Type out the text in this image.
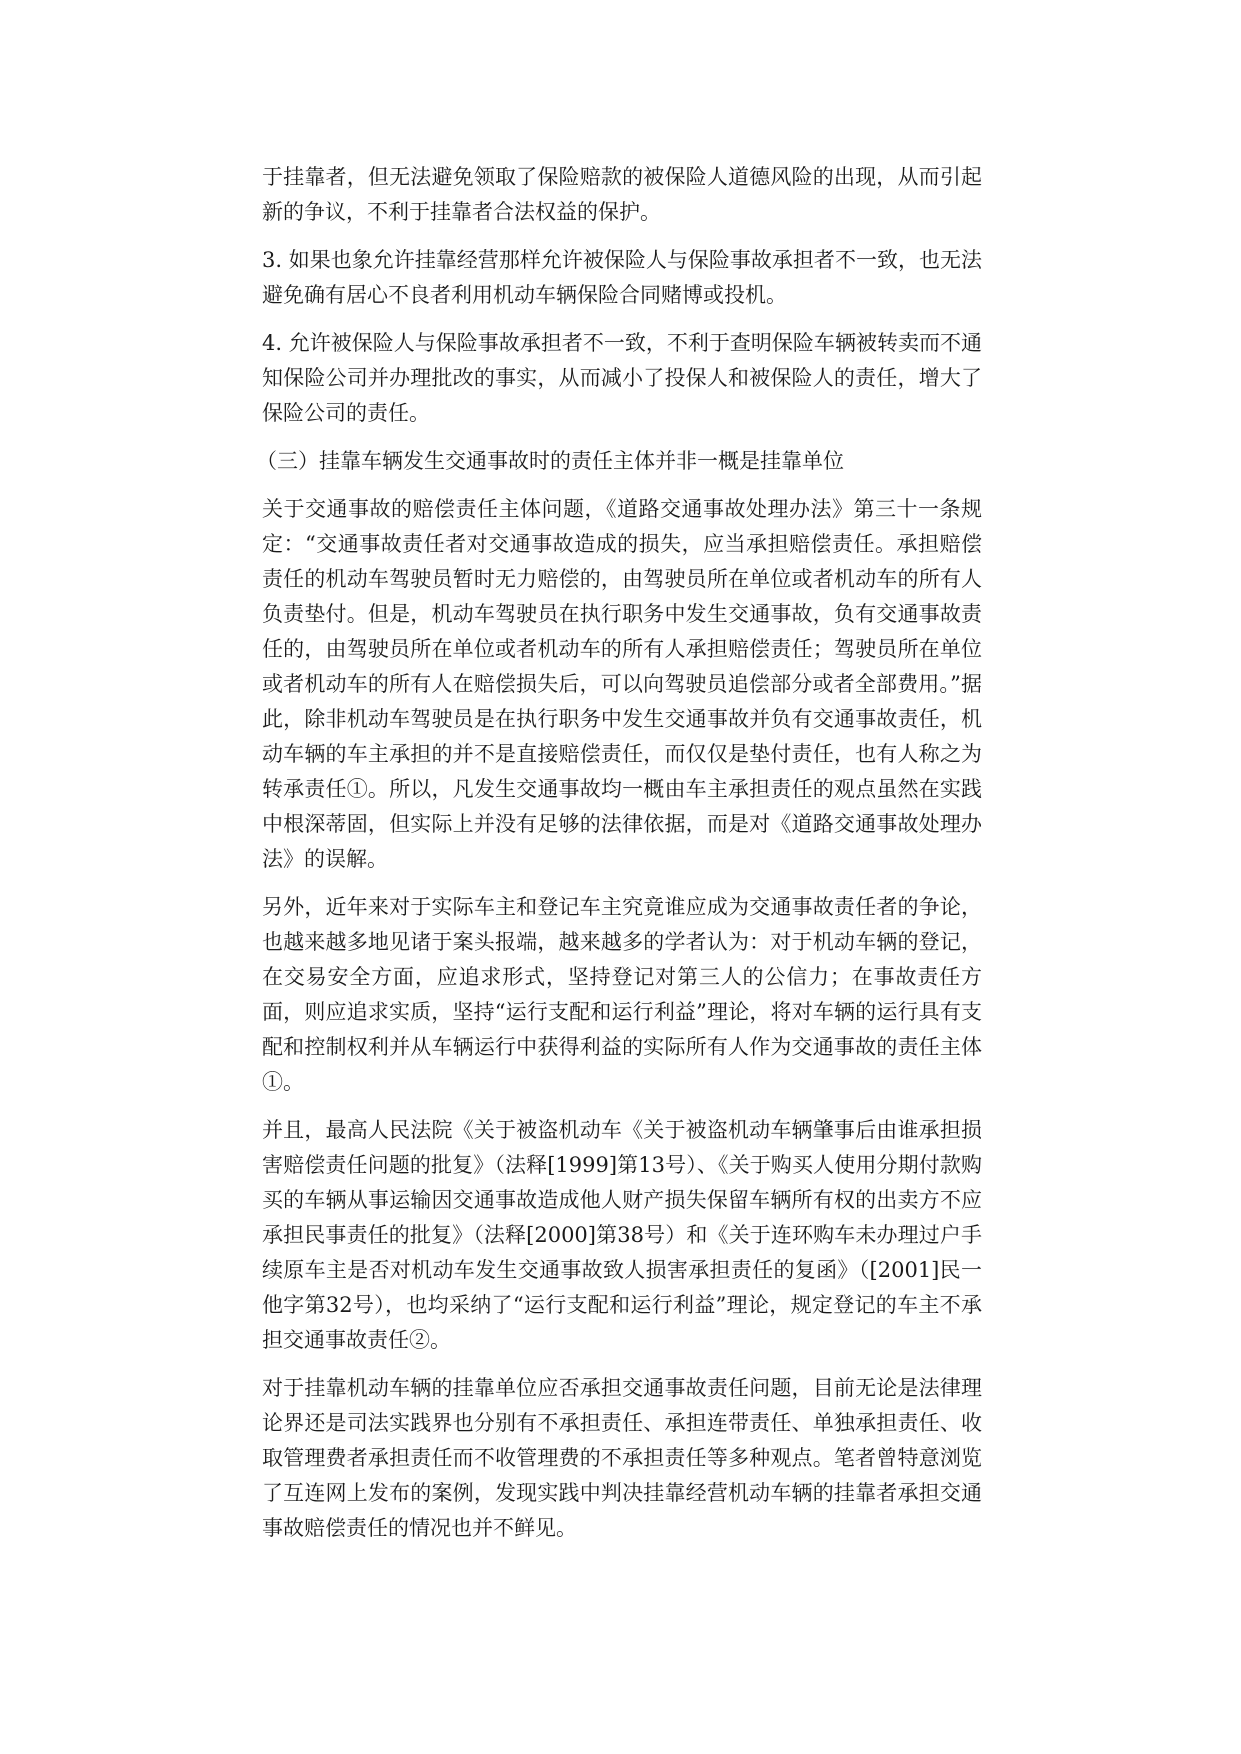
于挂靠者，但无法避免领取了保险赔款的被保险人道德风险的出现，从而引起新的争议，不利于挂靠者合法权益的保护。

3. 如果也象允许挂靠经营那样允许被保险人与保险事故承担者不一致，也无法避免确有居心不良者利用机动车辆保险合同赌博或投机。

4. 允许被保险人与保险事故承担者不一致，不利于查明保险车辆被转卖而不通知保险公司并办理批改的事实，从而减小了投保人和被保险人的责任，增大了保险公司的责任。

（三）挂靠车辆发生交通事故时的责任主体并非一概是挂靠单位

关于交通事故的赔偿责任主体问题，《道路交通事故处理办法》第三十一条规定：“交通事故责任者对交通事故造成的损失，应当承担赔偿责任。承担赔偿责任的机动车驾驶员暂时无力赔偿的，由驾驶员所在单位或者机动车的所有人负责垫付。但是，机动车驾驶员在执行职务中发生交通事故，负有交通事故责任的，由驾驶员所在单位或者机动车的所有人承担赔偿责任；驾驶员所在单位或者机动车的所有人在赔偿损失后，可以向驾驶员追偿部分或者全部费用。”据此，除非机动车驾驶员是在执行职务中发生交通事故并负有交通事故责任，机动车辆的车主承担的并不是直接赔偿责任，而仅仅是垫付责任，也有人称之为转承责任①。所以，凡发生交通事故均一概由车主承担责任的观点虽然在实践中根深蒂固，但实际上并没有足够的法律依据，而是对《道路交通事故处理办法》的误解。

另外，近年来对于实际车主和登记车主究竟谁应成为交通事故责任者的争论，也越来越多地见诸于案头报端，越来越多的学者认为：对于机动车辆的登记，在交易安全方面，应追求形式，坚持登记对第三人的公信力；在事故责任方面，则应追求实质，坚持“运行支配和运行利益”理论，将对车辆的运行具有支配和控制权利并从车辆运行中获得利益的实际所有人作为交通事故的责任主体①。

并且，最高人民法院《关于被盗机动车《关于被盗机动车辆肇事后由谁承担损害赔偿责任问题的批复》（法释[1999]第13号）、《关于购买人使用分期付款购买的车辆从事运输因交通事故造成他人财产损失保留车辆所有权的出卖方不应承担民事责任的批复》（法释[2000]第38号）和《关于连环购车未办理过户手续原车主是否对机动车发生交通事故致人损害承担责任的复函》（[2001]民一他字第32号），也均采纳了“运行支配和运行利益”理论，规定登记的车主不承担交通事故责任②。

对于挂靠机动车辆的挂靠单位应否承担交通事故责任问题，目前无论是法律理论界还是司法实践界也分别有不承担责任、承担连带责任、单独承担责任、收取管理费者承担责任而不收管理费的不承担责任等多种观点。笔者曾特意浏览了互连网上发布的案例，发现实践中判决挂靠经营机动车辆的挂靠者承担交通事故赔偿责任的情况也并不鲜见。
